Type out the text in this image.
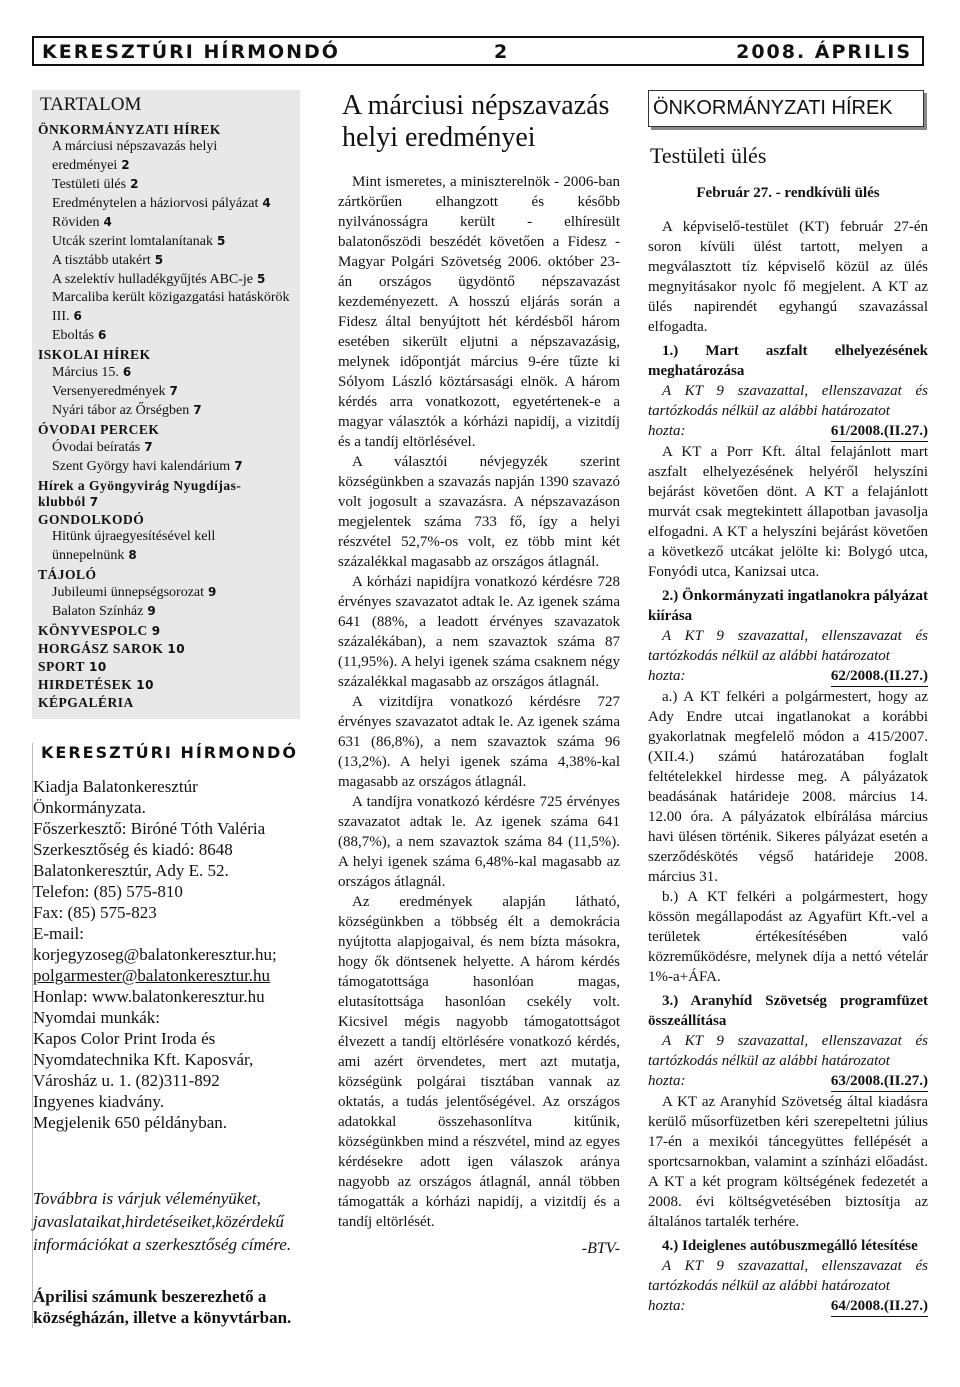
KERESZTÚRI HÍRMONDÓ	2	2008. ÁPRILIS
TARTALOM
ÖNKORMÁNYZATI HÍREK
A márciusi népszavazás helyi eredményei 2
Testületi ülés 2
Eredménytelen a háziorvosi pályázat 4
Röviden 4
Utcák szerint lomtalanítanak 5
A tisztább utakért 5
A szelektív hulladékgyűjtés ABC-je 5
Marcaliba került közigazgatási hatáskörök III. 6
Eboltás 6
ISKOLAI HÍREK
Március 15. 6
Versenyeredmények 7
Nyári tábor az Őrségben 7
ÓVODAI PERCEK
Óvodai beíratás 7
Szent György havi kalendárium 7
Hírek a Gyöngyvirág Nyugdíjas-klubból 7
GONDOLKODÓ
Hitünk újraegyesítésével kell ünnepelnünk 8
TÁJOLÓ
Jubileumi ünnepségsorozat 9
Balaton Színház 9
KÖNYVESPOLC 9
HORGÁSZ SAROK 10
SPORT 10
HIRDETÉSEK 10
KÉPGALÉRIA
KERESZTÚRI HÍRMONDÓ
Kiadja Balatonkeresztúr Önkormányzata.
Főszerkesztő: Biróné Tóth Valéria
Szerkesztőség és kiadó: 8648 Balatonkeresztúr, Ady E. 52.
Telefon: (85) 575-810
Fax: (85) 575-823
E-mail:
korjegyzoseg@balatonkeresztur.hu;
polgarmester@balatonkeresztur.hu
Honlap: www.balatonkeresztur.hu
Nyomdai munkák:
Kapos Color Print Iroda és Nyomdatechnika Kft. Kaposvár, Városház u. 1. (82)311-892
Ingyenes kiadvány.
Megjelenik 650 példányban.
Továbbra is várjuk véleményüket, javaslataikat,hirdetéseiket,közérdekű információkat a szerkesztőség címére.
Áprilisi számunk beszerezhető a községházán, illetve a könyvtárban.
A márciusi népszavazás helyi eredményei

Mint ismeretes, a miniszterelnök - 2006-ban zártkörűen elhangzott és később nyilvánosságra került - elhíresült balatonőszödi beszédét követően a Fidesz - Magyar Polgári Szövetség 2006. október 23-án országos ügydöntő népszavazást kezdeményezett. A hosszú eljárás során a Fidesz által benyújtott hét kérdésből három esetében sikerült eljutni a népszavazásig, melynek időpontját március 9-ére tűzte ki Sólyom László köztársasági elnök. A három kérdés arra vonatkozott, egyetértenek-e a magyar választók a kórházi napidíj, a vizitdíj és a tandíj eltörlésével.

A választói névjegyzék szerint községünkben a szavazás napján 1390 szavazó volt jogosult a szavazásra. A népszavazáson megjelentek száma 733 fő, így a helyi részvétel 52,7%-os volt, ez több mint két százalékkal magasabb az országos átlagnál.

A kórházi napidíjra vonatkozó kérdésre 728 érvényes szavazatot adtak le. Az igenek száma 641 (88%, a leadott érvényes szavazatok százalékában), a nem szavaztok száma 87 (11,95%). A helyi igenek száma csaknem négy százalékkal magasabb az országos átlagnál.

A vizitdíjra vonatkozó kérdésre 727 érvényes szavazatot adtak le. Az igenek száma 631 (86,8%), a nem szavaztok száma 96 (13,2%). A helyi igenek száma 4,38%-kal magasabb az országos átlagnál.

A tandíjra vonatkozó kérdésre 725 érvényes szavazatot adtak le. Az igenek száma 641 (88,7%), a nem szavaztok száma 84 (11,5%). A helyi igenek száma 6,48%-kal magasabb az országos átlagnál.

Az eredmények alapján látható, községünkben a többség élt a demokrácia nyújtotta alapjogaival, és nem bízta másokra, hogy ők döntsenek helyette. A három kérdés támogatottsága hasonlóan magas, elutasítottsága hasonlóan csekély volt. Kicsivel mégis nagyobb támogatottságot élvezett a tandíj eltörlésére vonatkozó kérdés, ami azért örvendetes, mert azt mutatja, községünk polgárai tisztában vannak az oktatás, a tudás jelentőségével. Az országos adatokkal összehasonlítva kitűnik, községünkben mind a részvétel, mind az egyes kérdésekre adott igen válaszok aránya nagyobb az országos átlagnál, annál többen támogatták a kórházi napidíj, a vizitdíj és a tandíj eltörlését.

-BTV-
ÖNKORMÁNYZATI HÍREK
Testületi ülés
Február 27. - rendkívüli ülés
A képviselő-testület (KT) február 27-én soron kívüli ülést tartott, melyen a megválasztott tíz képviselő közül az ülés megnyitásakor nyolc fő megjelent. A KT az ülés napirendét egyhangú szavazással elfogadta.
1.) Mart aszfalt elhelyezésének meghatározása
A KT 9 szavazattal, ellenszavazat és tartózkodás nélkül az alábbi határozatot
hozta:	61/2008.(II.27.)
A KT a Porr Kft. által felajánlott mart aszfalt elhelyezésének helyéről helyszíni bejárást követően dönt. A KT a felajánlott murvát csak megtekintett állapotban javasolja elfogadni. A KT a helyszíni bejárást követően a következő utcákat jelölte ki: Bolygó utca, Fonyódi utca, Kanizsai utca.
2.) Önkormányzati ingatlanokra pályázat kiírása
A KT 9 szavazattal, ellenszavazat és tartózkodás nélkül az alábbi határozatot
hozta:	62/2008.(II.27.)
a.) A KT felkéri a polgármestert, hogy az Ady Endre utcai ingatlanokat a korábbi gyakorlatnak megfelelő módon a 415/2007.(XII.4.) számú határozatában foglalt feltételekkel hirdesse meg. A pályázatok beadásának határideje 2008. március 14. 12.00 óra. A pályázatok elbírálása március havi ülésen történik. Sikeres pályázat esetén a szerződéskötés végső határideje 2008. március 31.
b.) A KT felkéri a polgármestert, hogy kössön megállapodást az Agyafürt Kft.-vel a területek értékesítésében való közreműködésre, melynek díja a nettó vételár 1%-a+ÁFA.
3.) Aranyhíd Szövetség programfüzet összeállítása
A KT 9 szavazattal, ellenszavazat és tartózkodás nélkül az alábbi határozatot
hozta:	63/2008.(II.27.)
A KT az Aranyhíd Szövetség által kiadásra kerülő műsorfüzetben kéri szerepeltetni július 17-én a mexikói táncegyüttes fellépését a sportcsarnokban, valamint a színházi előadást. A KT a két program költségének fedezetét a 2008. évi költségvetésében biztosítja az általános tartalék terhére.
4.) Ideiglenes autóbuszmegálló létesítése
A KT 9 szavazattal, ellenszavazat és tartózkodás nélkül az alábbi határozatot
hozta:	64/2008.(II.27.)
